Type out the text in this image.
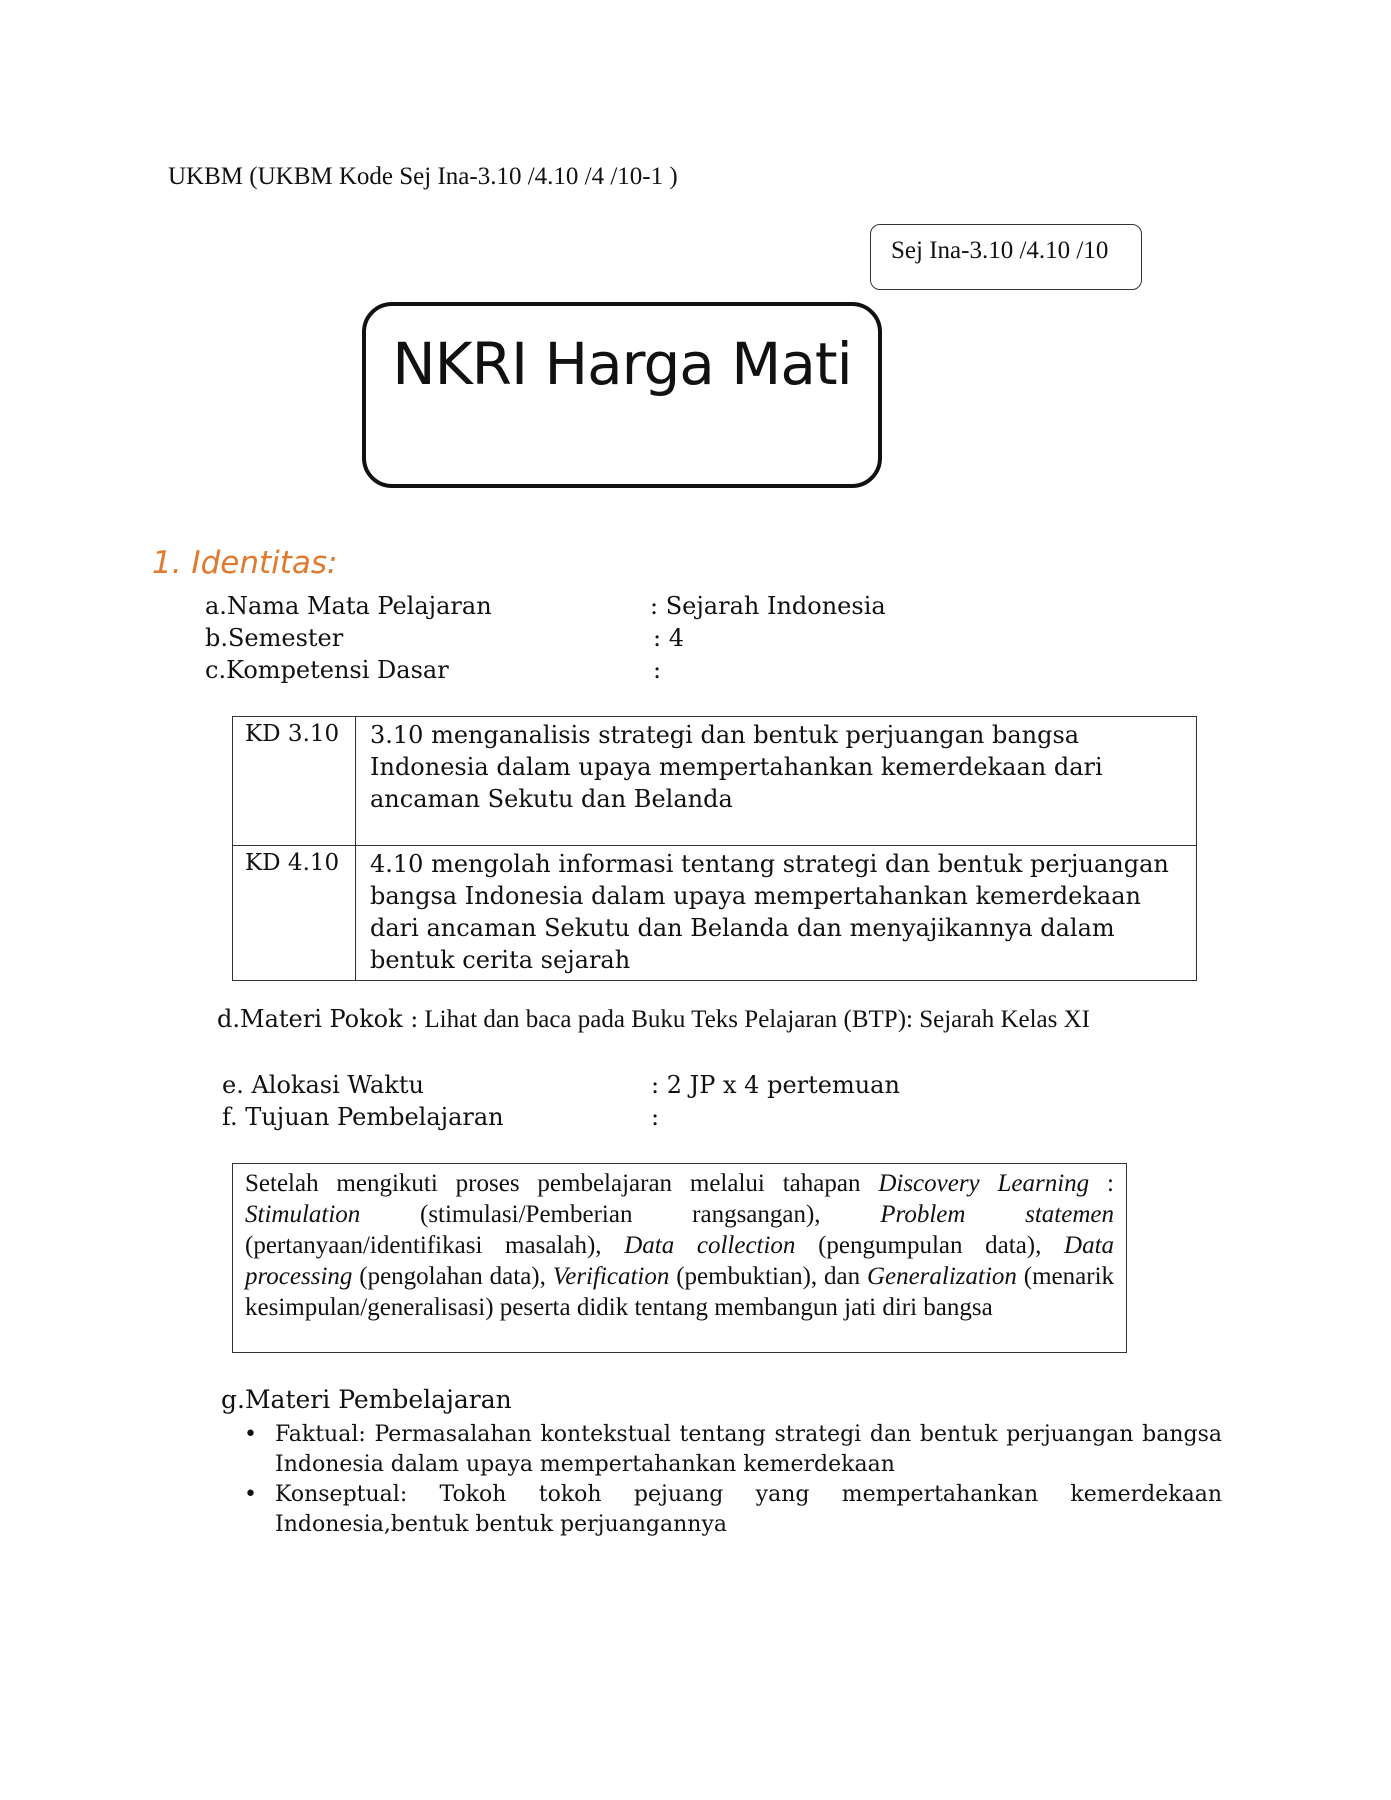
UKBM (UKBM Kode Sej Ina-3.10 /4.10 /4 /10-1 )
Sej Ina-3.10 /4.10 /10
NKRI Harga Mati
1. Identitas:
a.Nama Mata Pelajaran	: Sejarah Indonesia
b.Semester	: 4
c.Kompetensi Dasar	:
KD 3.10	3.10 menganalisis strategi dan bentuk perjuangan bangsa Indonesia dalam upaya mempertahankan kemerdekaan dari ancaman Sekutu dan Belanda
KD 4.10	4.10 mengolah informasi tentang strategi dan bentuk perjuangan bangsa Indonesia dalam upaya mempertahankan kemerdekaan dari ancaman Sekutu dan Belanda dan menyajikannya dalam bentuk cerita sejarah
d.Materi Pokok : Lihat dan baca pada Buku Teks Pelajaran (BTP): Sejarah Kelas XI
e. Alokasi Waktu	: 2 JP x 4 pertemuan
f. Tujuan Pembelajaran	:
Setelah mengikuti proses pembelajaran melalui tahapan Discovery Learning : Stimulation (stimulasi/Pemberian rangsangan), Problem statemen (pertanyaan/identifikasi masalah), Data collection (pengumpulan data), Data processing (pengolahan data), Verification (pembuktian), dan Generalization (menarik kesimpulan/generalisasi) peserta didik tentang membangun jati diri bangsa
g.Materi Pembelajaran
• Faktual: Permasalahan kontekstual tentang strategi dan bentuk perjuangan bangsa Indonesia dalam upaya mempertahankan kemerdekaan
• Konseptual: Tokoh tokoh pejuang yang mempertahankan kemerdekaan Indonesia,bentuk bentuk perjuangannya
